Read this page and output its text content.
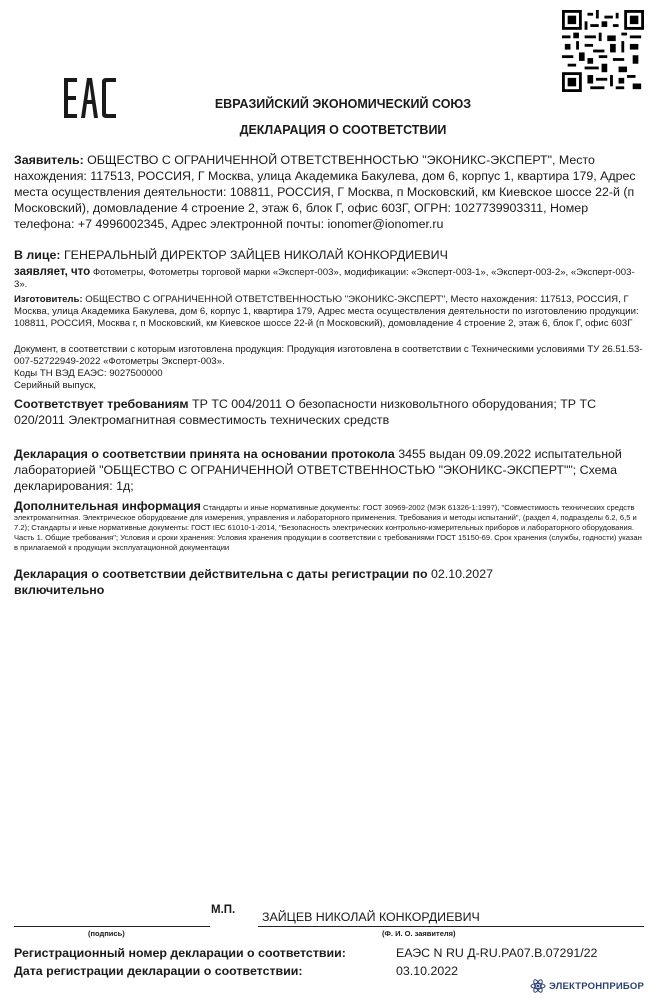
ЕВРАЗИЙСКИЙ ЭКОНОМИЧЕСКИЙ СОЮЗ
ДЕКЛАРАЦИЯ О СООТВЕТСТВИИ

Заявитель: ОБЩЕСТВО С ОГРАНИЧЕННОЙ ОТВЕТСТВЕННОСТЬЮ "ЭКОНИКС-ЭКСПЕРТ", Место нахождения: 117513, РОССИЯ, Г Москва, улица Академика Бакулева, дом 6, корпус 1, квартира 179, Адрес места осуществления деятельности: 108811, РОССИЯ, Г Москва, п Московский, км Киевское шоссе 22-й (п Московский), домовладение 4 строение 2, этаж 6, блок Г, офис 603Г, ОГРН: 1027739903311, Номер телефона: +7 4996002345, Адрес электронной почты: ionomer@ionomer.ru

В лице: ГЕНЕРАЛЬНЫЙ ДИРЕКТОР ЗАЙЦЕВ НИКОЛАЙ КОНКОРДИЕВИЧ

заявляет, что Фотометры, Фотометры торговой марки «Эксперт-003», модификации: «Эксперт-003-1», «Эксперт-003-2», «Эксперт-003-3».

Изготовитель: ОБЩЕСТВО С ОГРАНИЧЕННОЙ ОТВЕТСТВЕННОСТЬЮ "ЭКОНИКС-ЭКСПЕРТ", Место нахождения: 117513, РОССИЯ, Г Москва, улица Академика Бакулева, дом 6, корпус 1, квартира 179, Адрес места осуществления деятельности по изготовлению продукции: 108811, РОССИЯ, Москва г, п Московский, км Киевское шоссе 22-й (п Московский), домовладение 4 строение 2, этаж 6, блок Г, офис 603Г

Документ, в соответствии с которым изготовлена продукция: Продукция изготовлена в соответствии с Техническими условиями ТУ 26.51.53-007-52722949-2022 «Фотометры Эксперт-003».

Коды ТН ВЭД ЕАЭС: 9027500000

Серийный выпуск,

Соответствует требованиям ТР ТС 004/2011 О безопасности низковольтного оборудования; ТР ТС 020/2011 Электромагнитная совместимость технических средств

Декларация о соответствии принята на основании протокола 3455 выдан 09.09.2022 испытательной лабораторией "ОБЩЕСТВО С ОГРАНИЧЕННОЙ ОТВЕТСТВЕННОСТЬЮ "ЭКОНИКС-ЭКСПЕРТ""; Схема декларирования: 1д;

Дополнительная информация Стандарты и иные нормативные документы: ГОСТ 30969-2002 (МЭК 61326-1:1997), "Совместимость технических средств электромагнитная. Электрическое оборудование для измерения, управления и лабораторного применения. Требования и методы испытаний", (раздел 4, подразделы 6.2, 6,5 и 7.2); Стандарты и иные нормативные документы: ГОСТ IEC 61010-1-2014, "Безопасность электрических контрольно-измерительных приборов и лабораторного оборудования. Часть 1. Общие требования"; Условия и сроки хранения: Условия хранения продукции в соответствии с требованиями ГОСТ 15150-69. Срок хранения (службы, годности) указан в прилагаемой к продукции эксплуатационной документации

Декларация о соответствии действительна с даты регистрации по 02.10.2027
включительно

М.П. ЗАЙЦЕВ НИКОЛАЙ КОНКОРДИЕВИЧ
(подпись)	(Ф. И. О. заявителя)
Регистрационный номер декларации о соответствии:	ЕАЭС N RU Д-RU.РА07.В.07291/22
Дата регистрации декларации о соответствии:	03.10.2022
ЭЛЕКТРОНПРИБОР
